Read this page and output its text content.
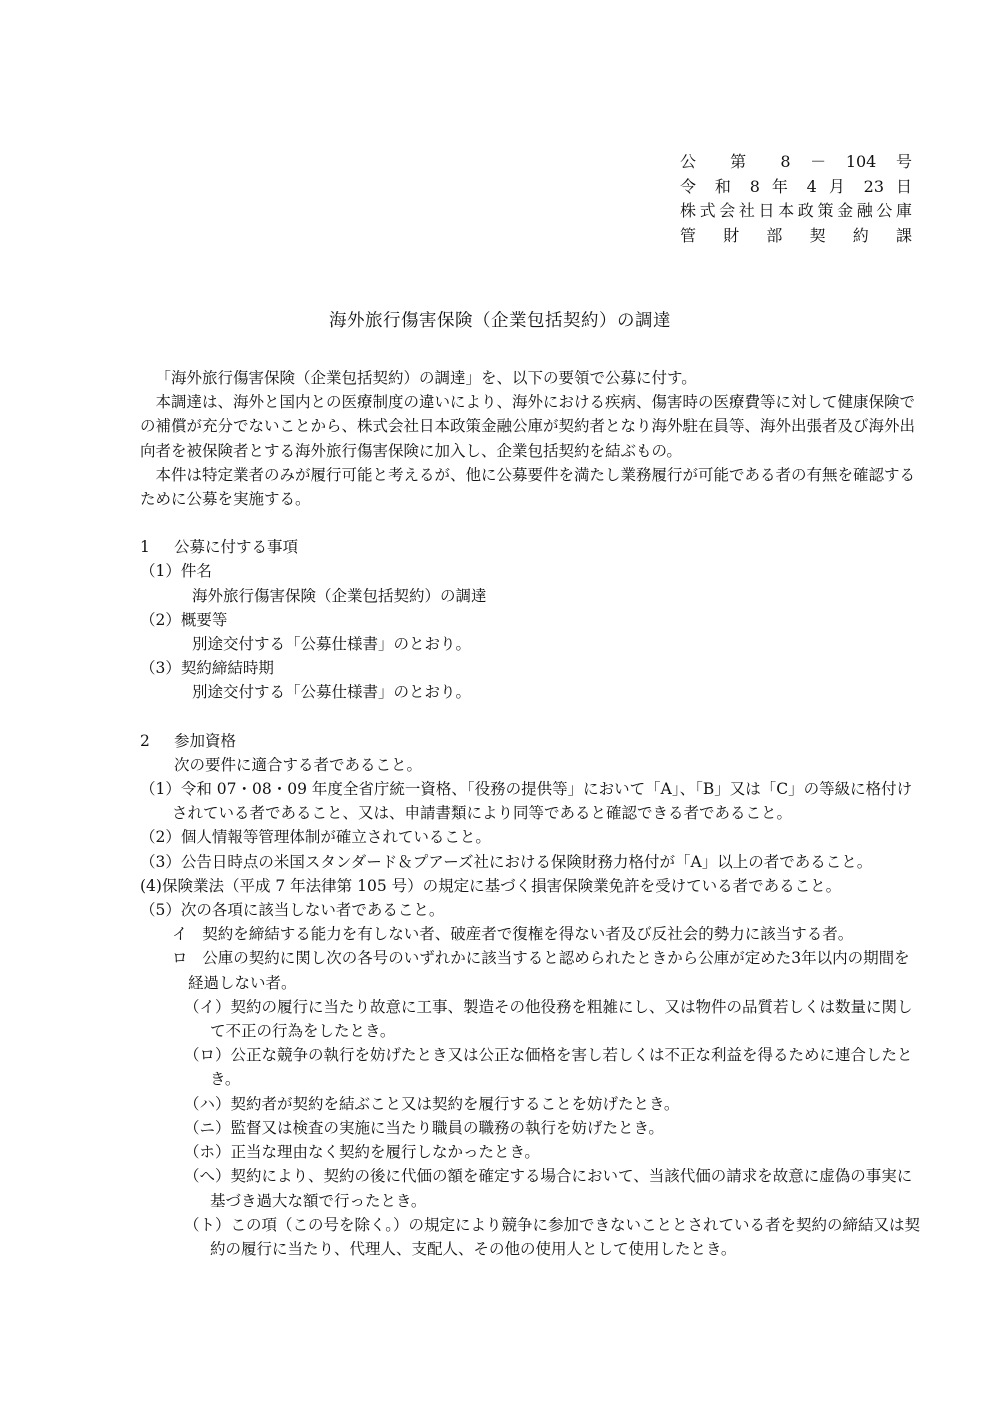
公 第 8 － 104 号
令 和 8 年 4 月 23 日
株式会社日本政策金融公庫
管 財 部 契 約 課
海外旅行傷害保険（企業包括契約）の調達

「海外旅行傷害保険（企業包括契約）の調達」を、以下の要領で公募に付す。

本調達は、海外と国内との医療制度の違いにより、海外における疾病、傷害時の医療費等に対して健康保険での補償が充分でないことから、株式会社日本政策金融公庫が契約者となり海外駐在員等、海外出張者及び海外出向者を被保険者とする海外旅行傷害保険に加入し、企業包括契約を結ぶもの。

本件は特定業者のみが履行可能と考えるが、他に公募要件を満たし業務履行が可能である者の有無を確認するために公募を実施する。

1 公募に付する事項
（1）件名
海外旅行傷害保険（企業包括契約）の調達
（2）概要等
別途交付する「公募仕様書」のとおり。
（3）契約締結時期
別途交付する「公募仕様書」のとおり。
2 参加資格
次の要件に適合する者であること。
（1）令和 07・08・09 年度全省庁統一資格、「役務の提供等」において「A」、「B」又は「C」の等級に格付けされている者であること、又は、申請書類により同等であると確認できる者であること。
（2）個人情報等管理体制が確立されていること。
（3）公告日時点の米国スタンダード＆プアーズ社における保険財務力格付が「A」以上の者であること。
(4)保険業法（平成 7 年法律第 105 号）の規定に基づく損害保険業免許を受けている者であること。
（5）次の各項に該当しない者であること。
イ 契約を締結する能力を有しない者、破産者で復権を得ない者及び反社会的勢力に該当する者。
ロ 公庫の契約に関し次の各号のいずれかに該当すると認められたときから公庫が定めた3年以内の期間を経過しない者。
（イ）契約の履行に当たり故意に工事、製造その他役務を粗雑にし、又は物件の品質若しくは数量に関して不正の行為をしたとき。
（ロ）公正な競争の執行を妨げたとき又は公正な価格を害し若しくは不正な利益を得るために連合したとき。
（ハ）契約者が契約を結ぶこと又は契約を履行することを妨げたとき。
（ニ）監督又は検査の実施に当たり職員の職務の執行を妨げたとき。
（ホ）正当な理由なく契約を履行しなかったとき。
（へ）契約により、契約の後に代価の額を確定する場合において、当該代価の請求を故意に虚偽の事実に基づき過大な額で行ったとき。
（ト）この項（この号を除く。）の規定により競争に参加できないこととされている者を契約の締結又は契約の履行に当たり、代理人、支配人、その他の使用人として使用したとき。
